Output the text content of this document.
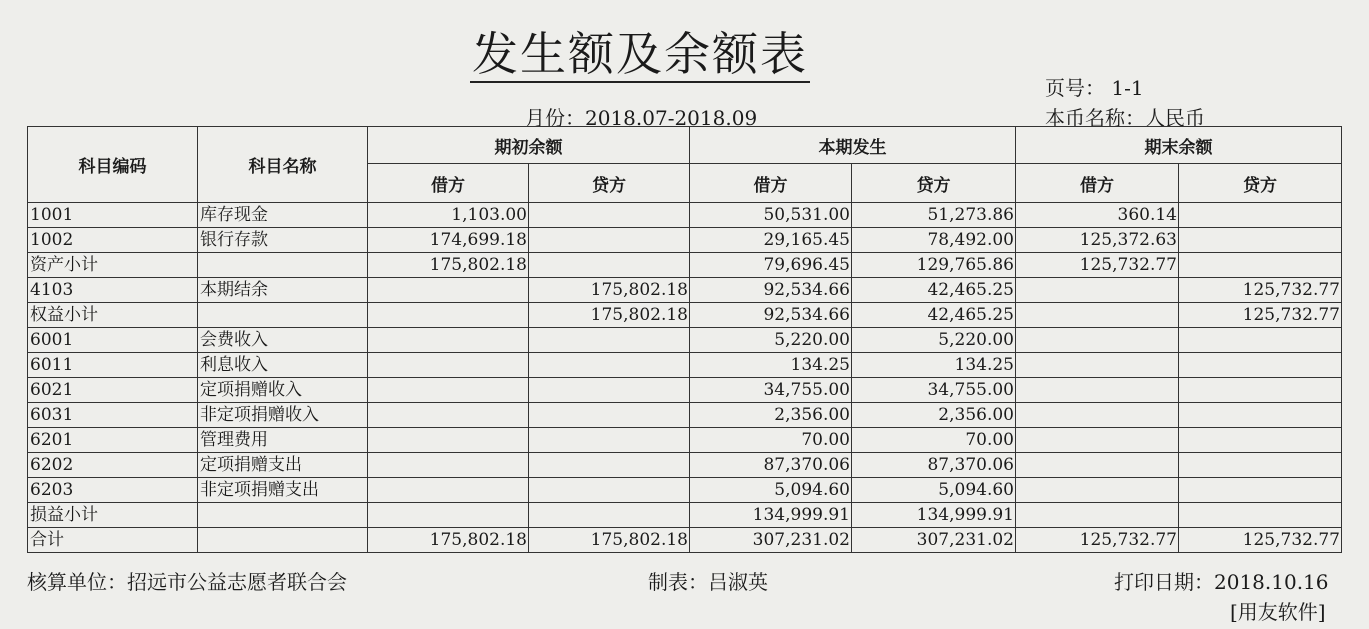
发生额及余额表
页号： 1-1
月份：2018.07-2018.09	本币名称：人民币
科目编码	科目名称	期初余额		本期发生		期末余额	
		借方	贷方	借方	贷方	借方	贷方
1001	库存现金	1,103.00		50,531.00	51,273.86	360.14	
1002	银行存款	174,699.18		29,165.45	78,492.00	125,372.63	
资产小计		175,802.18		79,696.45	129,765.86	125,732.77	
4103	本期结余		175,802.18	92,534.66	42,465.25		125,732.77
权益小计			175,802.18	92,534.66	42,465.25		125,732.77
6001	会费收入			5,220.00	5,220.00		
6011	利息收入			134.25	134.25		
6021	定项捐赠收入			34,755.00	34,755.00		
6031	非定项捐赠收入			2,356.00	2,356.00		
6201	管理费用			70.00	70.00		
6202	定项捐赠支出			87,370.06	87,370.06		
6203	非定项捐赠支出			5,094.60	5,094.60		
损益小计				134,999.91	134,999.91		
合计		175,802.18	175,802.18	307,231.02	307,231.02	125,732.77	125,732.77
核算单位：招远市公益志愿者联合会	制表：吕淑英	打印日期：2018.10.16
[用友软件]
